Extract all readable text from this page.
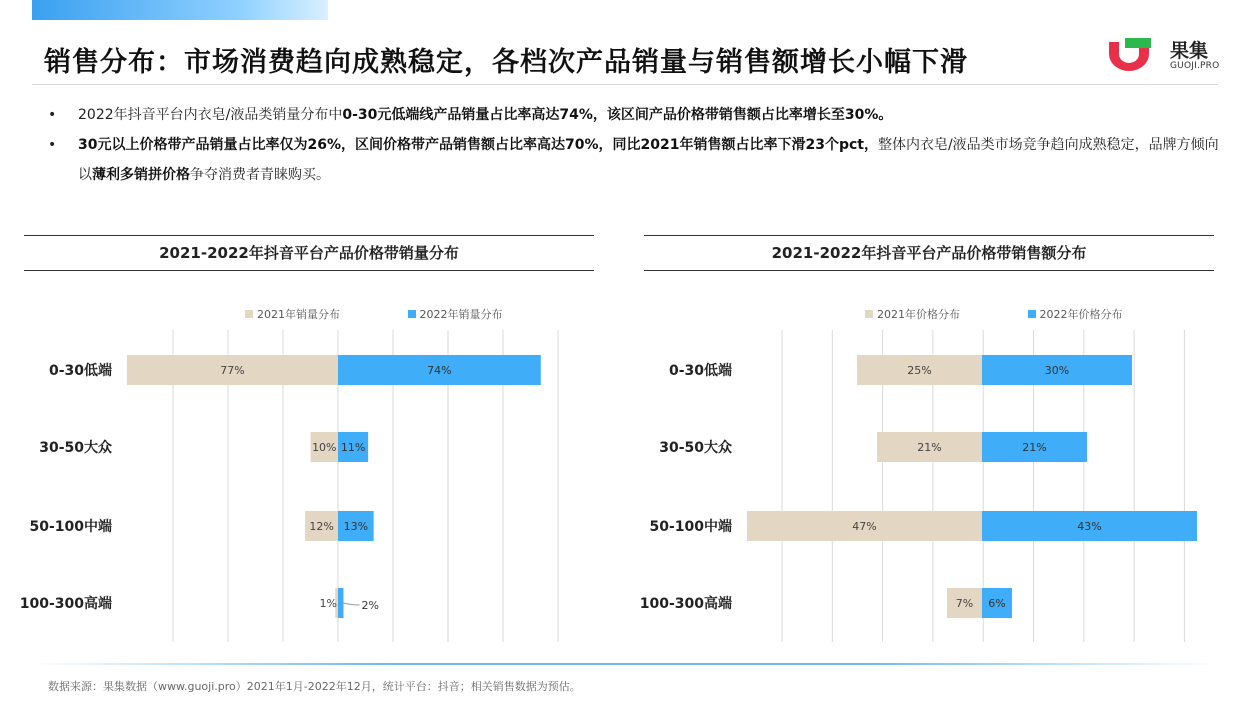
销售分布：市场消费趋向成熟稳定，各档次产品销量与销售额增长小幅下滑	果集
GUOJI.PRO
• 2022年抖音平台内衣皂/液品类销量分布中0-30元低端线产品销量占比率高达74%，该区间产品价格带销售额占比率增长至30%。
• 30元以上价格带产品销量占比率仅为26%，区间价格带产品销售额占比率高达70%，同比2021年销售额占比率下滑23个pct，整体内衣皂/液品类市场竞争趋向成熟稳定，品牌方倾向以薄利多销拼价格争夺消费者青睐购买。
2021-2022年抖音平台产品价格带销量分布
2021年销量分布	2022年销量分布
0-30低端	77%	74%
30-50大众	10% 11%
50-100中端	12% 13%
100-300高端	1% 2%
2021-2022年抖音平台产品价格带销售额分布
2021年价格分布	2022年价格分布
0-30低端	25%	30%
30-50大众	21%	21%
50-100中端	47%	43%
100-300高端	7% 6%
数据来源：果集数据（www.guoji.pro）2021年1月-2022年12月，统计平台：抖音；相关销售数据为预估。
